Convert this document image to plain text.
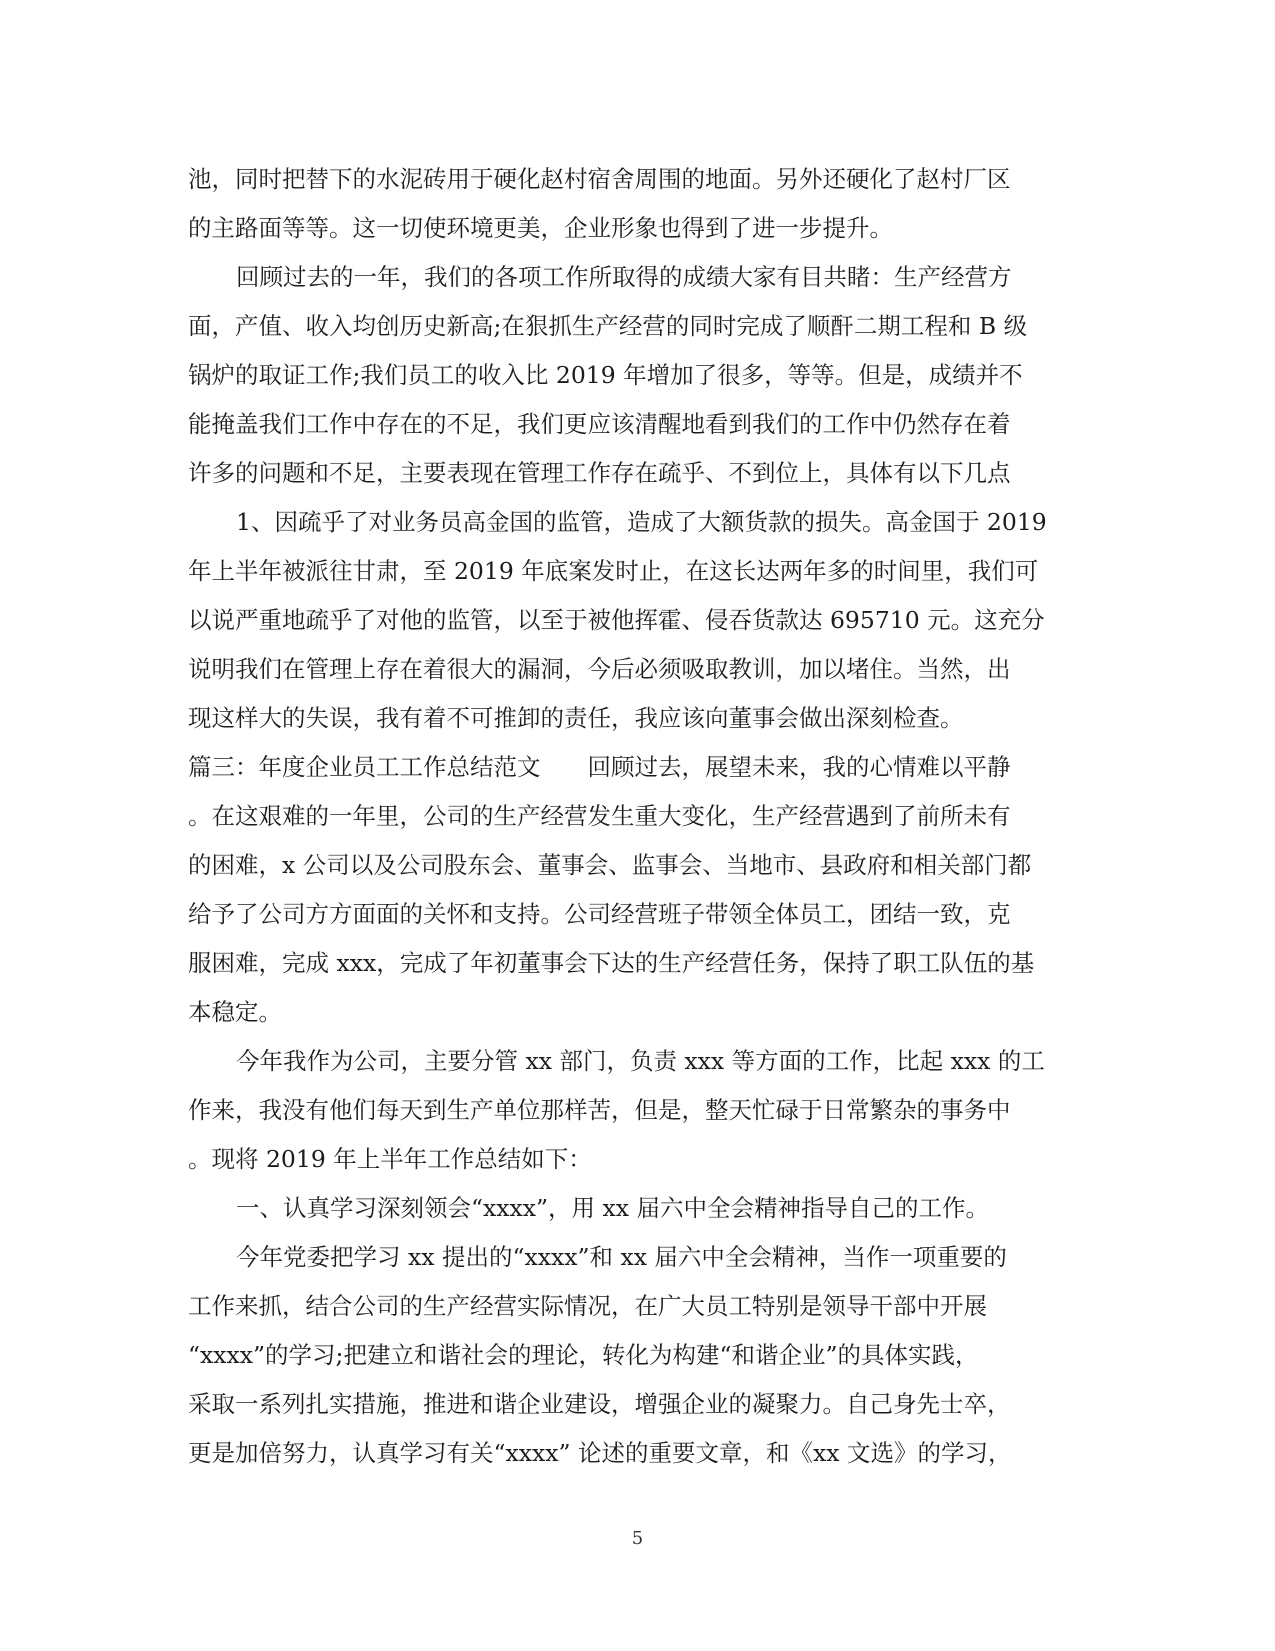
池，同时把替下的水泥砖用于硬化赵村宿舍周围的地面。另外还硬化了赵村厂区
的主路面等等。这一切使环境更美，企业形象也得到了进一步提升。
回顾过去的一年，我们的各项工作所取得的成绩大家有目共睹：生产经营方
面，产值、收入均创历史新高;在狠抓生产经营的同时完成了顺酐二期工程和 B 级
锅炉的取证工作;我们员工的收入比 2019 年增加了很多，等等。但是，成绩并不
能掩盖我们工作中存在的不足，我们更应该清醒地看到我们的工作中仍然存在着
许多的问题和不足，主要表现在管理工作存在疏乎、不到位上，具体有以下几点
1、因疏乎了对业务员高金国的监管，造成了大额货款的损失。高金国于 2019
年上半年被派往甘肃，至 2019 年底案发时止，在这长达两年多的时间里，我们可
以说严重地疏乎了对他的监管，以至于被他挥霍、侵吞货款达 695710 元。这充分
说明我们在管理上存在着很大的漏洞，今后必须吸取教训，加以堵住。当然，出
现这样大的失误，我有着不可推卸的责任，我应该向董事会做出深刻检查。
篇三：年度企业员工工作总结范文　　回顾过去，展望未来，我的心情难以平静
。在这艰难的一年里，公司的生产经营发生重大变化，生产经营遇到了前所未有
的困难，x 公司以及公司股东会、董事会、监事会、当地市、县政府和相关部门都
给予了公司方方面面的关怀和支持。公司经营班子带领全体员工，团结一致，克
服困难，完成 xxx，完成了年初董事会下达的生产经营任务，保持了职工队伍的基
本稳定。
今年我作为公司，主要分管 xx 部门，负责 xxx 等方面的工作，比起 xxx 的工
作来，我没有他们每天到生产单位那样苦，但是，整天忙碌于日常繁杂的事务中
。现将 2019 年上半年工作总结如下：
一、认真学习深刻领会“xxxx”，用 xx 届六中全会精神指导自己的工作。
今年党委把学习 xx 提出的“xxxx”和 xx 届六中全会精神，当作一项重要的
工作来抓，结合公司的生产经营实际情况，在广大员工特别是领导干部中开展
“xxxx”的学习;把建立和谐社会的理论，转化为构建“和谐企业”的具体实践，
采取一系列扎实措施，推进和谐企业建设，增强企业的凝聚力。自己身先士卒，
更是加倍努力，认真学习有关“xxxx” 论述的重要文章，和《xx 文选》的学习，
5
